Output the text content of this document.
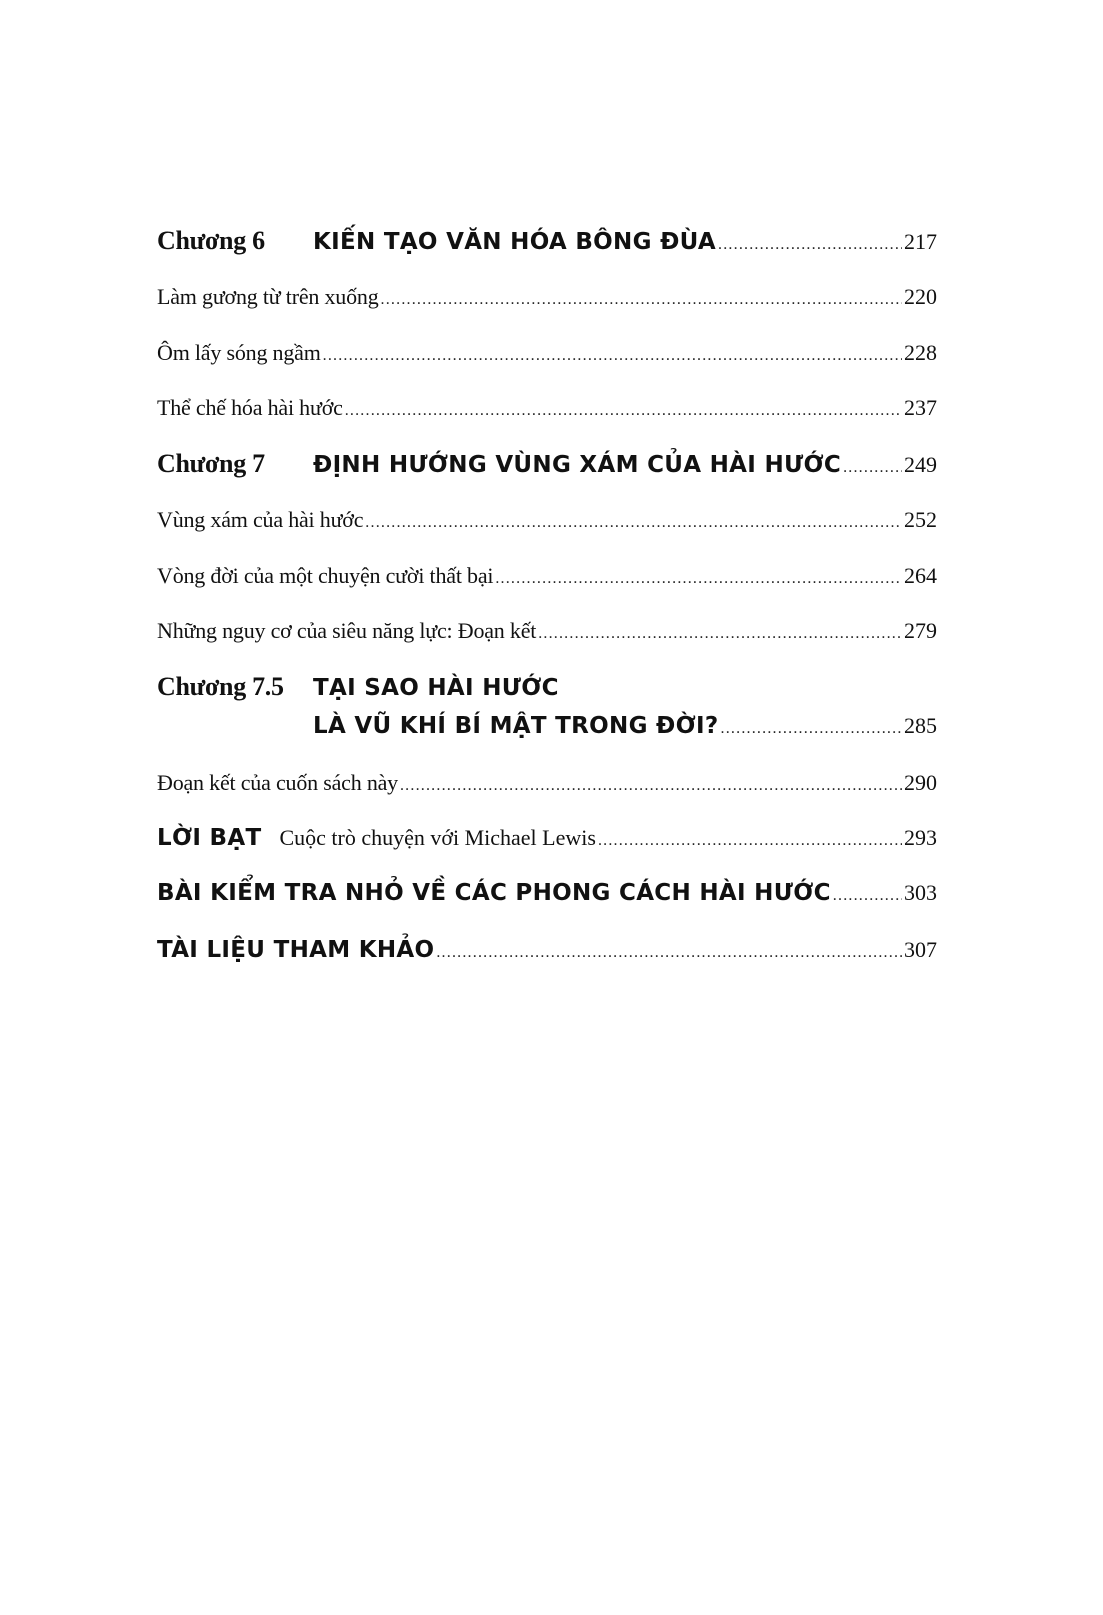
Chương 6	KIẾN TẠO VĂN HÓA BÔNG ĐÙA .....	217
Làm gương từ trên xuống .....	220
Ôm lấy sóng ngầm .....	228
Thể chế hóa hài hước .....	237
Chương 7	ĐỊNH HƯỚNG VÙNG XÁM CỦA HÀI HƯỚC .....	249
Vùng xám của hài hước .....	252
Vòng đời của một chuyện cười thất bại .....	264
Những nguy cơ của siêu năng lực: Đoạn kết .....	279
Chương 7.5	TẠI SAO HÀI HƯỚC
LÀ VŨ KHÍ BÍ MẬT TRONG ĐỜI? .....	285
Đoạn kết của cuốn sách này .....	290
LỜI BẠT Cuộc trò chuyện với Michael Lewis .....	293
BÀI KIỂM TRA NHỎ VỀ CÁC PHONG CÁCH HÀI HƯỚC .....	303
TÀI LIỆU THAM KHẢO .....	307
